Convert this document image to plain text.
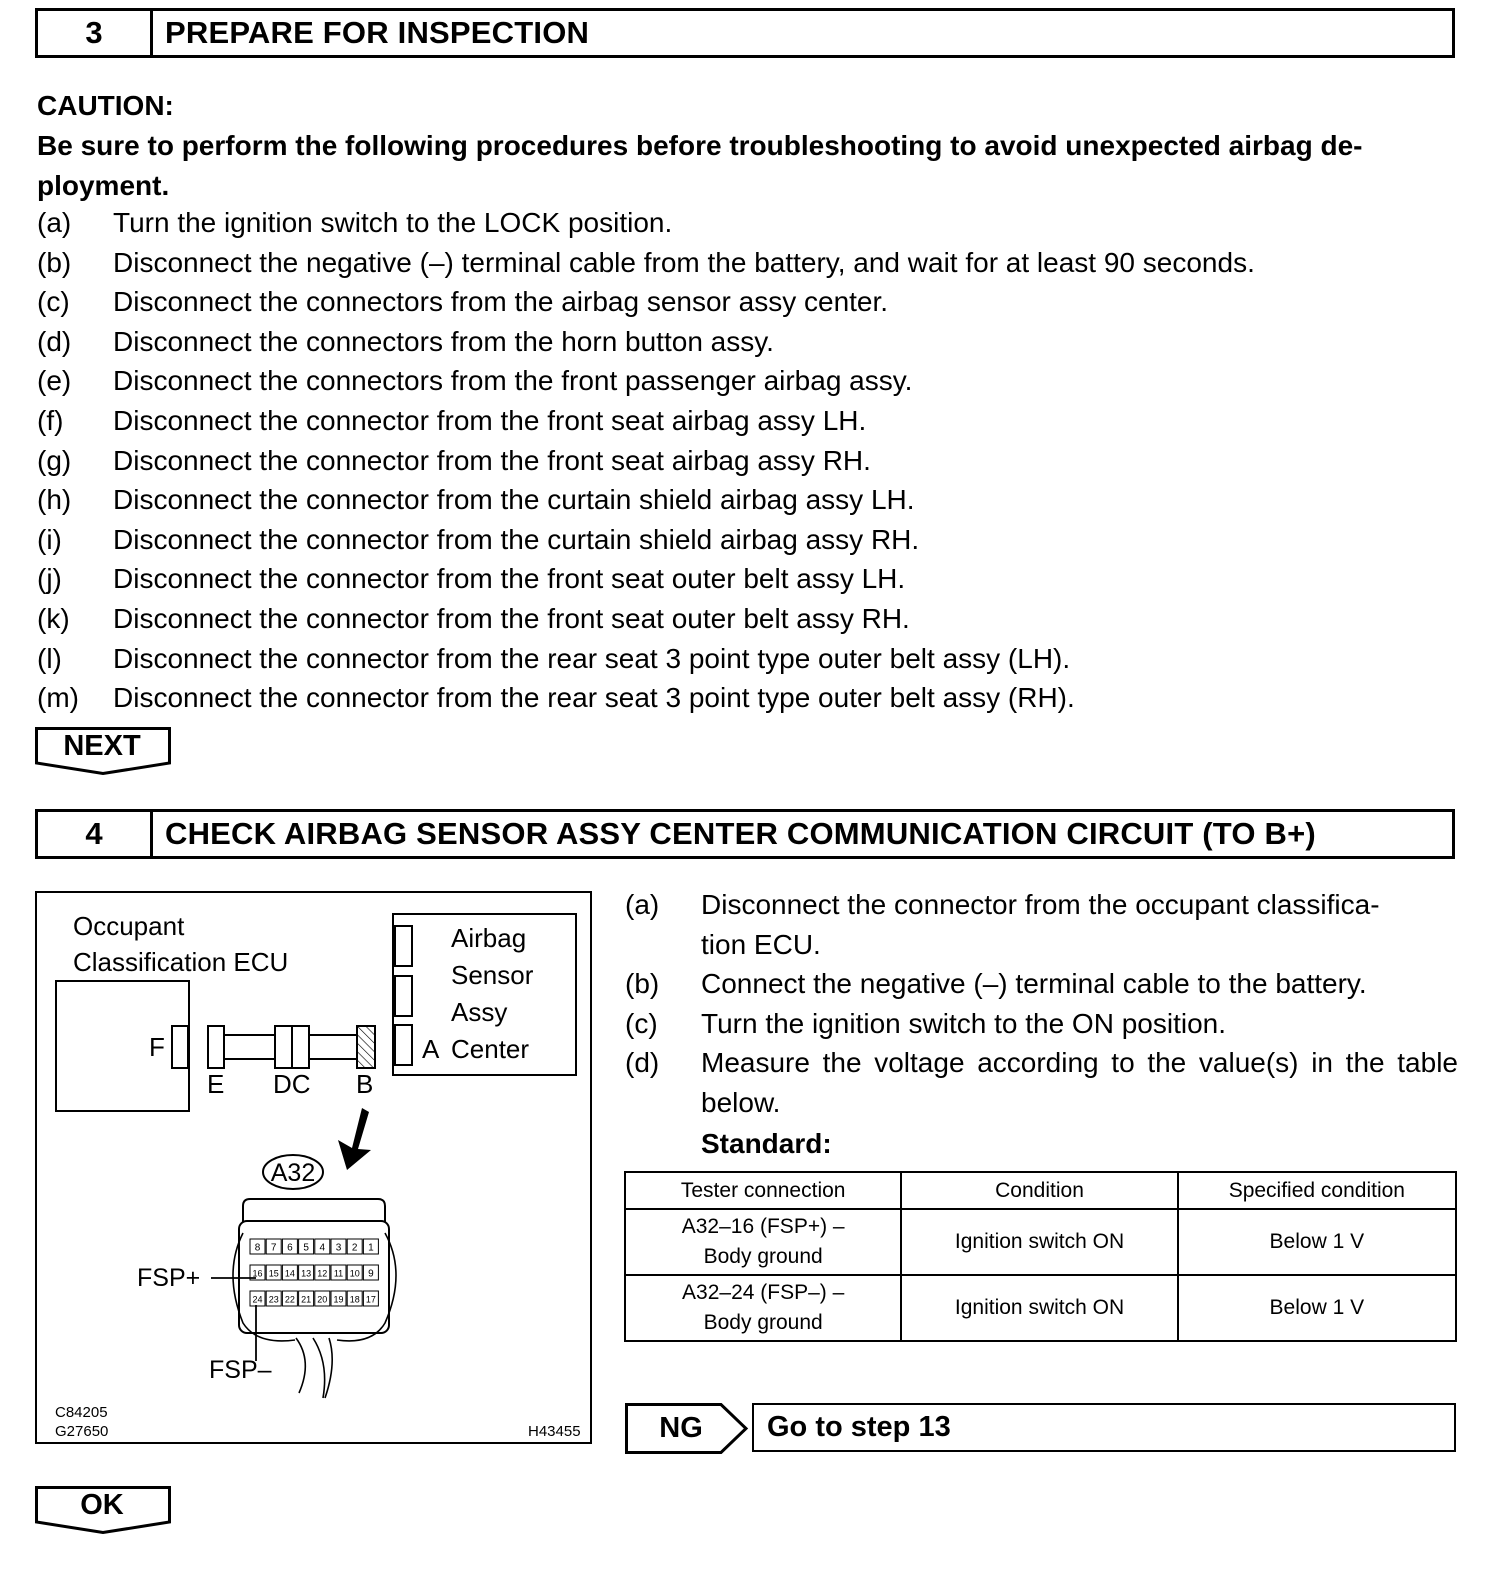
3	PREPARE FOR INSPECTION
CAUTION:
Be sure to perform the following procedures before troubleshooting to avoid unexpected airbag de-
ployment.
(a)	Turn the ignition switch to the LOCK position.
(b)	Disconnect the negative (–) terminal cable from the battery, and wait for at least 90 seconds.
(c)	Disconnect the connectors from the airbag sensor assy center.
(d)	Disconnect the connectors from the horn button assy.
(e)	Disconnect the connectors from the front passenger airbag assy.
(f)	Disconnect the connector from the front seat airbag assy LH.
(g)	Disconnect the connector from the front seat airbag assy RH.
(h)	Disconnect the connector from the curtain shield airbag assy LH.
(i)	Disconnect the connector from the curtain shield airbag assy RH.
(j)	Disconnect the connector from the front seat outer belt assy LH.
(k)	Disconnect the connector from the front seat outer belt assy RH.
(l)	Disconnect the connector from the rear seat 3 point type outer belt assy (LH).
(m)	Disconnect the connector from the rear seat 3 point type outer belt assy (RH).
NEXT
4	CHECK AIRBAG SENSOR ASSY CENTER COMMUNICATION CIRCUIT (TO B+)
Occupant
Classification ECU
F
E DC B
Airbag
Sensor
Assy
A Center
A32
8 7 6 5 4 3 2 1
16 15 14 13 12 11 10 9
24 23 22 21 20 19 18 17
FSP+
FSP–
C84205
G27650	H43455
(a)	Disconnect the connector from the occupant classifica-
tion ECU.
(b)	Connect the negative (–) terminal cable to the battery.
(c)	Turn the ignition switch to the ON position.
(d)	Measure the voltage according to the value(s) in the table below.
Standard:
Tester connection	Condition	Specified condition

A32–16 (FSP+) –
Body ground	Ignition switch ON	Below 1 V

A32–24 (FSP–) –
Body ground	Ignition switch ON	Below 1 V
NG	Go to step 13
OK
